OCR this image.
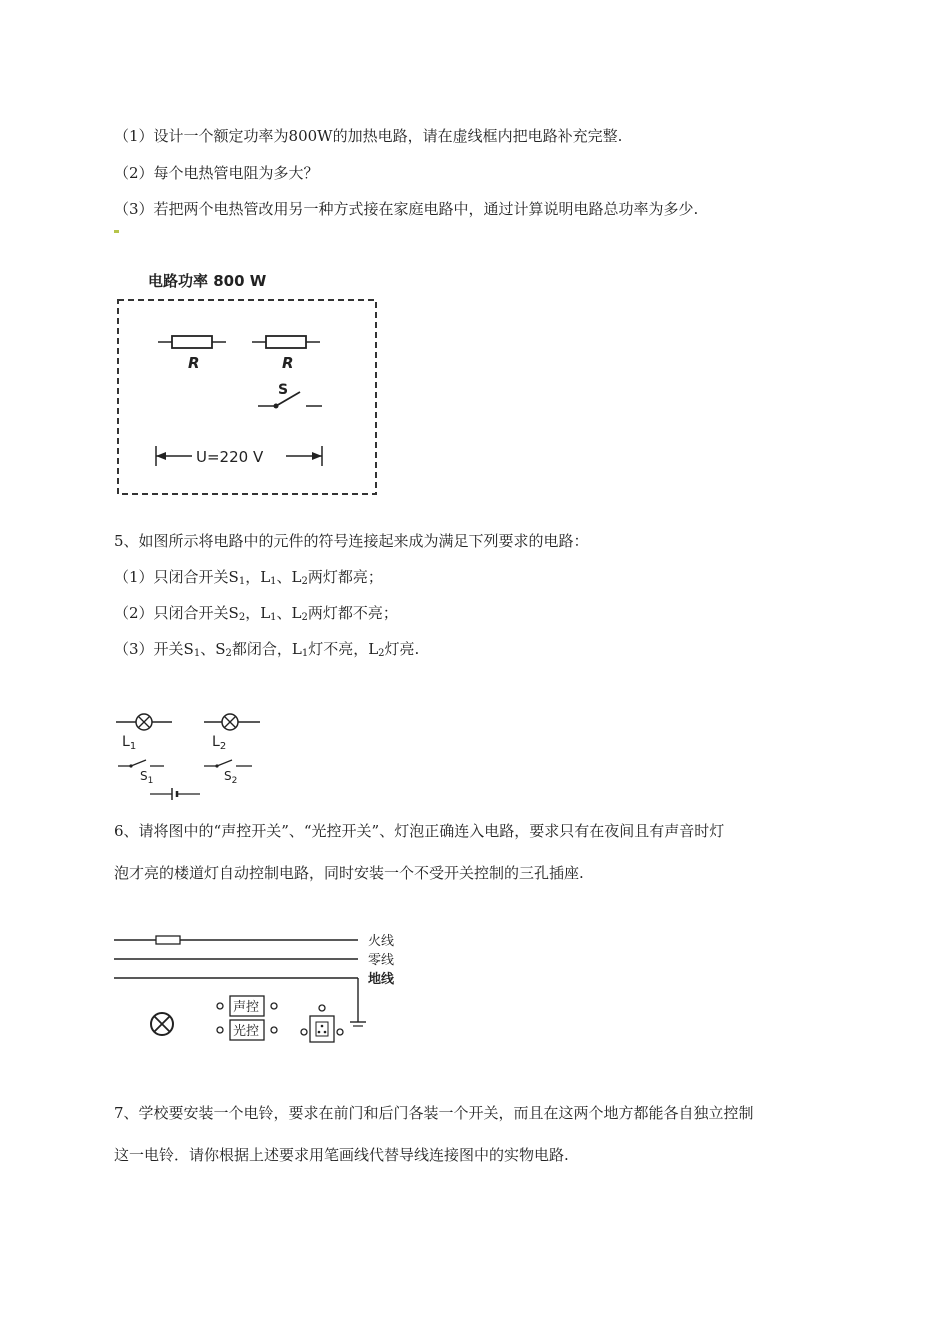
（1）设计一个额定功率为800W的加热电路，请在虚线框内把电路补充完整.
（2）每个电热管电阻为多大？
（3）若把两个电热管改用另一种方式接在家庭电路中，通过计算说明电路总功率为多少.
电路功率 800 W
R	R
S
U=220 V
5、如图所示将电路中的元件的符号连接起来成为满足下列要求的电路：
（1）只闭合开关$S_1$，$L_1$、$L_2$两灯都亮；
（2）只闭合开关$S_2$，$L_1$、$L_2$两灯都不亮；
（3）开关$S_1$、$S_2$都闭合，$L_1$灯不亮，$L_2$灯亮.
$L_1$	$L_2$
$S_1$	$S_2$
6、请将图中的“声控开关”、“光控开关”、灯泡正确连入电路，要求只有在夜间且有声音时灯
泡才亮的楼道灯自动控制电路，同时安装一个不受开关控制的三孔插座.
火线
零线
地线
声控
光控
7、学校要安装一个电铃，要求在前门和后门各装一个开关，而且在这两个地方都能各自独立控制
这一电铃．请你根据上述要求用笔画线代替导线连接图中的实物电路.
